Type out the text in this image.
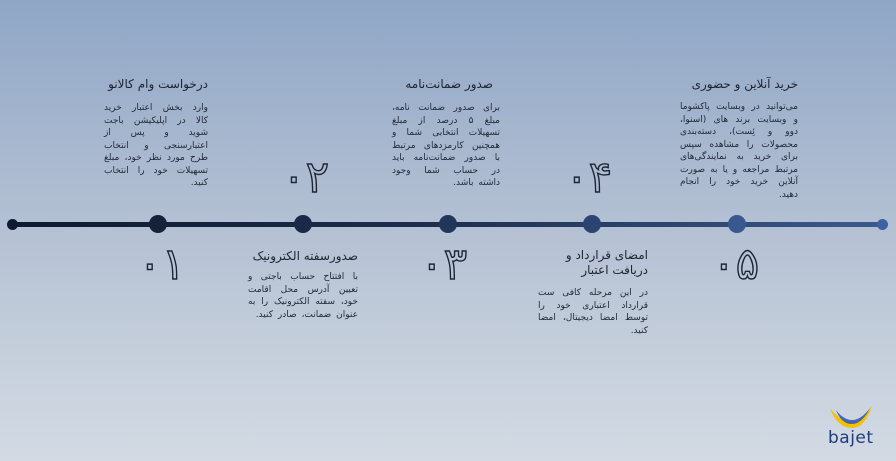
درخواست وام کالانو
وارد بخش اعتبار خرید کالا در اپلیکیشن باجت شوید و پس از اعتبارسنجی و انتخاب طرح مورد نظر خود، مبلغ تسهیلات خود را انتخاب کنید.
۰۱	صدورسفته الکترونیک
با افتتاح حساب باجتی و تعیین آدرس محل اقامت خود، سفته الکترونیک را به عنوان ضمانت، صادر کنید.
۰۲
صدور ضمانت‌نامه
برای صدور ضمانت نامه، مبلغ ۵ درصد از مبلغ تسهیلات انتخابی شما و همچنین کارمزدهای مرتبط با صدور ضمانت‌نامه باید در حساب شما وجود داشته باشد.
۰۳	امضای قرارداد و دریافت اعتبار
در این مرحله کافی ست قرارداد اعتباری خود را توسط امضا دیجیتال، امضا کنید.
۰۴
خرید آنلاین و حضوری
می‌توانید در وبسایت پاکشوما و وبسایت برند های (اسنوا، دوو و ئِست)، دسته‌بندی محصولات را مشاهده سپس برای خرید به نمایندگی‌های مرتبط مراجعه و یا به صورت آنلاین خرید خود را انجام دهید.
۰۵
bajet
